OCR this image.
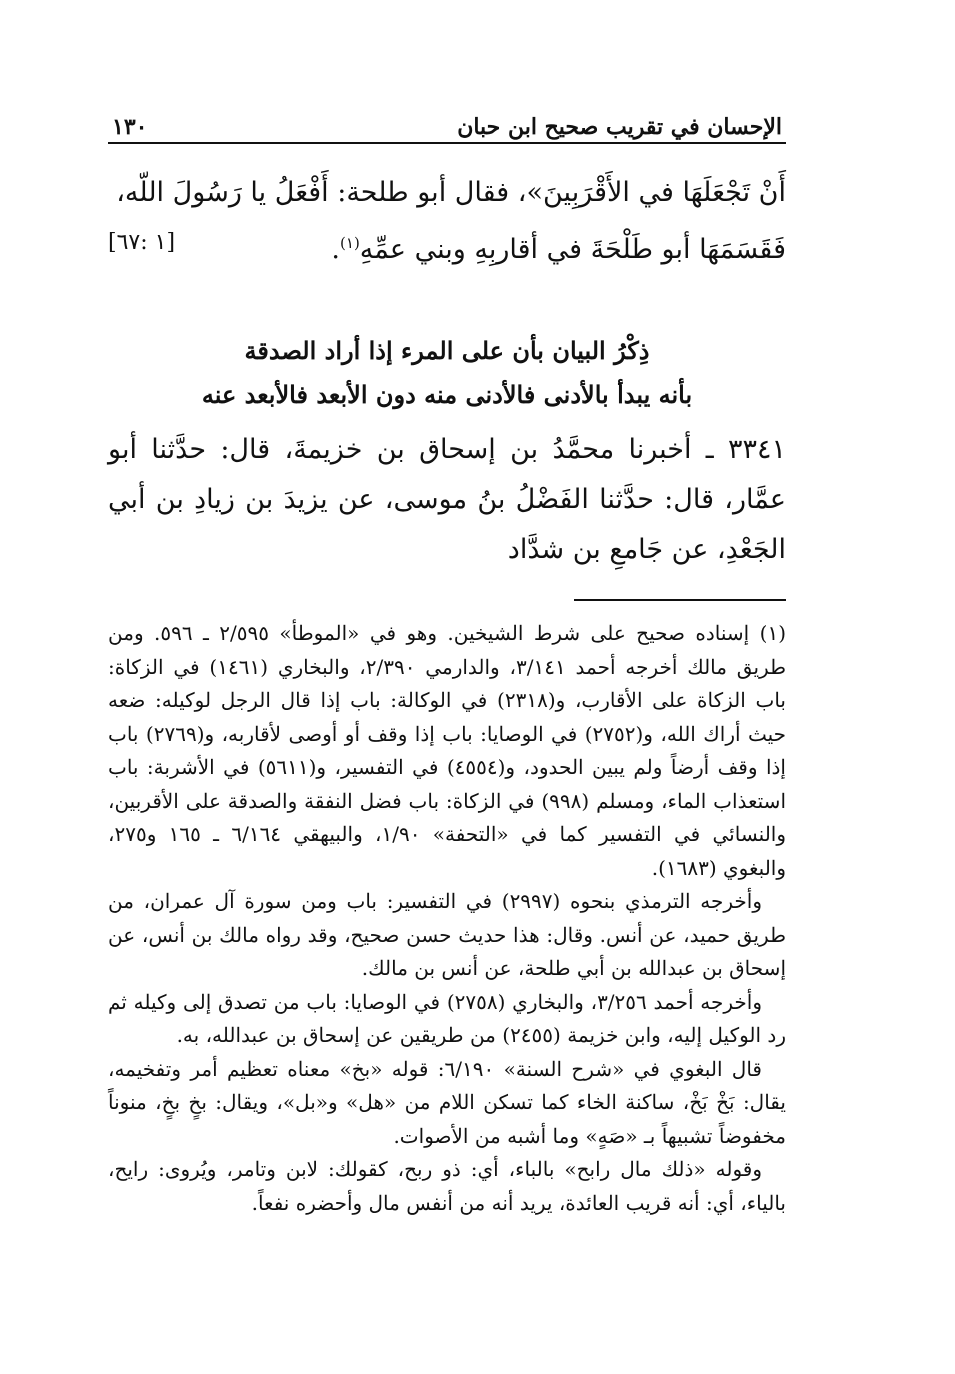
الإحسان في تقريب صحيح ابن حبان
١٣٠
أَنْ تَجْعَلَهَا في الأَقْرَبِينَ»، فقال أبو طلحة: أَفْعَلُ يا رَسُولَ اللّه،
فَقَسَمَهَا أبو طَلْحَةَ في أقاربِهِ وبني عمِّهِ$^{(١)}$.
[١ :٦٧]
ذِكْرُ البيان بأن على المرء إذا أراد الصدقة
بأنه يبدأ بالأدنى فالأدنى منه دون الأبعد فالأبعد عنه
٣٣٤١ ـ أخبرنا محمَّدُ بن إسحاق بن خزيمةَ، قال: حدَّثنا أبو عمَّار، قال: حدَّثنا الفَضْلُ بنُ موسى، عن يزيدَ بن زيادِ بن أبي الجَعْدِ، عن جَامعِ بن شدَّاد

(١) إسناده صحيح على شرط الشيخين. وهو في «الموطأ» ٢/٥٩٥ ـ ٥٩٦. ومن طريق مالك أخرجه أحمد ٣/١٤١، والدارمي ٢/٣٩٠، والبخاري (١٤٦١) في الزكاة: باب الزكاة على الأقارب، و(٢٣١٨) في الوكالة: باب إذا قال الرجل لوكيله: ضعه حيث أراك الله، و(٢٧٥٢) في الوصايا: باب إذا وقف أو أوصى لأقاربه، و(٢٧٦٩) باب إذا وقف أرضاً ولم يبين الحدود، و(٤٥٥٤) في التفسير، و(٥٦١١) في الأشربة: باب استعذاب الماء، ومسلم (٩٩٨) في الزكاة: باب فضل النفقة والصدقة على الأقربين، والنسائي في التفسير كما في «التحفة» ١/٩٠، والبيهقي ٦/١٦٤ ـ ١٦٥ و٢٧٥، والبغوي (١٦٨٣).

وأخرجه الترمذي بنحوه (٢٩٩٧) في التفسير: باب ومن سورة آل عمران، من طريق حميد، عن أنس. وقال: هذا حديث حسن صحيح، وقد رواه مالك بن أنس، عن إسحاق بن عبدالله بن أبي طلحة، عن أنس بن مالك.

وأخرجه أحمد ٣/٢٥٦، والبخاري (٢٧٥٨) في الوصايا: باب من تصدق إلى وكيله ثم رد الوكيل إليه، وابن خزيمة (٢٤٥٥) من طريقين عن إسحاق بن عبدالله، به.

قال البغوي في «شرح السنة» ٦/١٩٠: قوله «بخ» معناه تعظيم أمر وتفخيمه، يقال: بَخْ بَخْ، ساكنة الخاء كما تسكن اللام من «هل» و«بل»، ويقال: بخٍ بخٍ، منوناً مخفوضاً تشبيهاً بـ «صَهٍ» وما أشبه من الأصوات.

وقوله «ذلك مال رابح» بالباء، أي: ذو ربح، كقولك: لابن وتامر، ويُروى: رايح، بالياء، أي: أنه قريب العائدة، يريد أنه من أنفس مال وأحضره نفعاً.
